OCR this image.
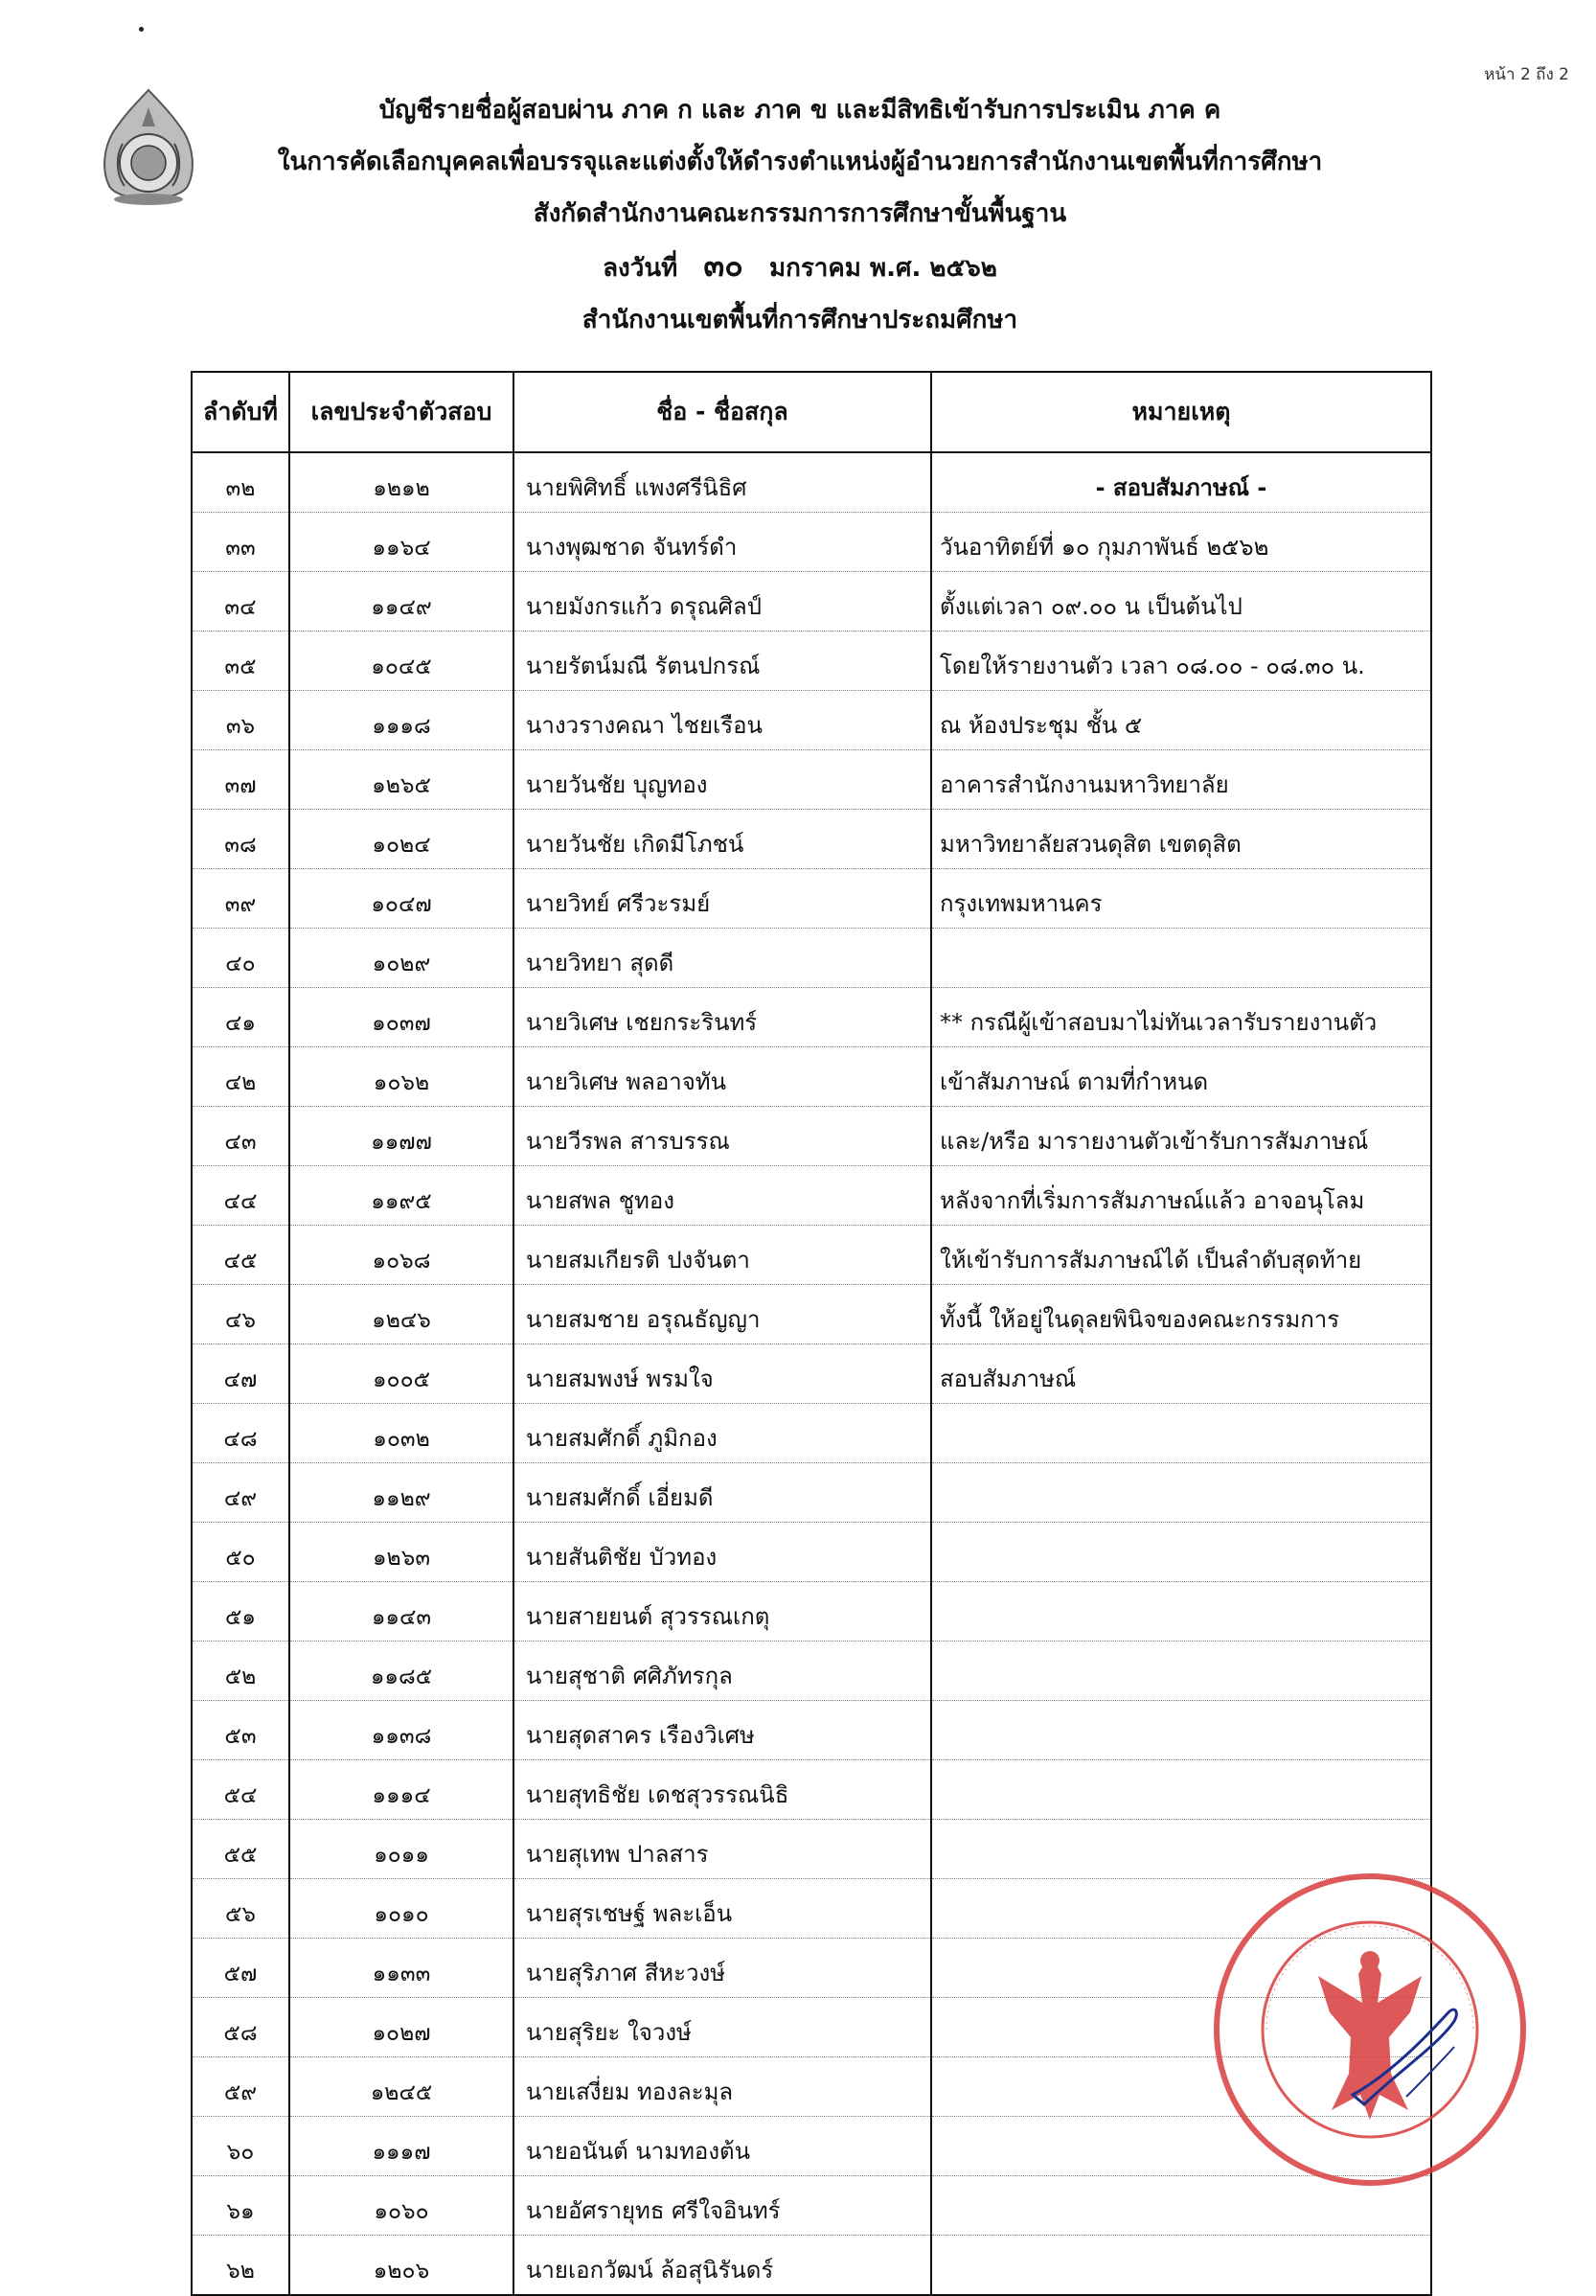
หน้า 2 ถึง 2
บัญชีรายชื่อผู้สอบผ่าน ภาค ก และ ภาค ข และมีสิทธิเข้ารับการประเมิน ภาค ค
ในการคัดเลือกบุคคลเพื่อบรรจุและแต่งตั้งให้ดำรงตำแหน่งผู้อำนวยการสำนักงานเขตพื้นที่การศึกษา
สังกัดสำนักงานคณะกรรมการการศึกษาขั้นพื้นฐาน
ลงวันที่ ๓๐ มกราคม พ.ศ. ๒๕๖๒
สำนักงานเขตพื้นที่การศึกษาประถมศึกษา
ลำดับที่	เลขประจำตัวสอบ	ชื่อ - ชื่อสกุล	หมายเหตุ
๓๒	๑๒๑๒	นายพิศิทธิ์ แพงศรีนิธิศ	- สอบสัมภาษณ์ -
๓๓	๑๑๖๔	นางพุฒชาด จันทร์ดำ	วันอาทิตย์ที่ ๑๐ กุมภาพันธ์ ๒๕๖๒
๓๔	๑๑๔๙	นายมังกรแก้ว ดรุณศิลป์	ตั้งแต่เวลา ๐๙.๐๐ น เป็นต้นไป
๓๕	๑๐๔๕	นายรัตน์มณี รัตนปกรณ์	โดยให้รายงานตัว เวลา ๐๘.๐๐ - ๐๘.๓๐ น.
๓๖	๑๑๑๘	นางวรางคณา ไชยเรือน	ณ ห้องประชุม ชั้น ๕
๓๗	๑๒๖๕	นายวันชัย บุญทอง	อาคารสำนักงานมหาวิทยาลัย
๓๘	๑๐๒๔	นายวันชัย เกิดมีโภชน์	มหาวิทยาลัยสวนดุสิต เขตดุสิต
๓๙	๑๐๔๗	นายวิทย์ ศรีวะรมย์	กรุงเทพมหานคร
๔๐	๑๐๒๙	นายวิทยา สุดดี	
๔๑	๑๐๓๗	นายวิเศษ เชยกระรินทร์	** กรณีผู้เข้าสอบมาไม่ทันเวลารับรายงานตัว
๔๒	๑๐๖๒	นายวิเศษ พลอาจทัน	เข้าสัมภาษณ์ ตามที่กำหนด
๔๓	๑๑๗๗	นายวีรพล สารบรรณ	และ/หรือ มารายงานตัวเข้ารับการสัมภาษณ์
๔๔	๑๑๙๕	นายสพล ชูทอง	หลังจากที่เริ่มการสัมภาษณ์แล้ว อาจอนุโลม
๔๕	๑๐๖๘	นายสมเกียรติ ปงจันตา	ให้เข้ารับการสัมภาษณ์ได้ เป็นลำดับสุดท้าย
๔๖	๑๒๔๖	นายสมชาย อรุณธัญญา	ทั้งนี้ ให้อยู่ในดุลยพินิจของคณะกรรมการ
๔๗	๑๐๐๕	นายสมพงษ์ พรมใจ	สอบสัมภาษณ์
๔๘	๑๐๓๒	นายสมศักดิ์ ภูมิกอง	
๔๙	๑๑๒๙	นายสมศักดิ์ เอี่ยมดี	
๕๐	๑๒๖๓	นายสันติชัย บัวทอง	
๕๑	๑๑๔๓	นายสายยนต์ สุวรรณเกตุ	
๕๒	๑๑๘๕	นายสุชาติ ศศิภัทรกุล	
๕๓	๑๑๓๘	นายสุดสาคร เรืองวิเศษ	
๕๔	๑๑๑๔	นายสุทธิชัย เดชสุวรรณนิธิ	
๕๕	๑๐๑๑	นายสุเทพ ปาลสาร	
๕๖	๑๐๑๐	นายสุรเชษฐ์ พละเอ็น	
๕๗	๑๑๓๓	นายสุริภาศ สีหะวงษ์	
๕๘	๑๐๒๗	นายสุริยะ ใจวงษ์	
๕๙	๑๒๔๕	นายเสงี่ยม ทองละมุล	
๖๐	๑๑๑๗	นายอนันต์ นามทองต้น	
๖๑	๑๐๖๐	นายอัศรายุทธ ศรีใจอินทร์	
๖๒	๑๒๐๖	นายเอกวัฒน์ ล้อสุนิรันดร์	
